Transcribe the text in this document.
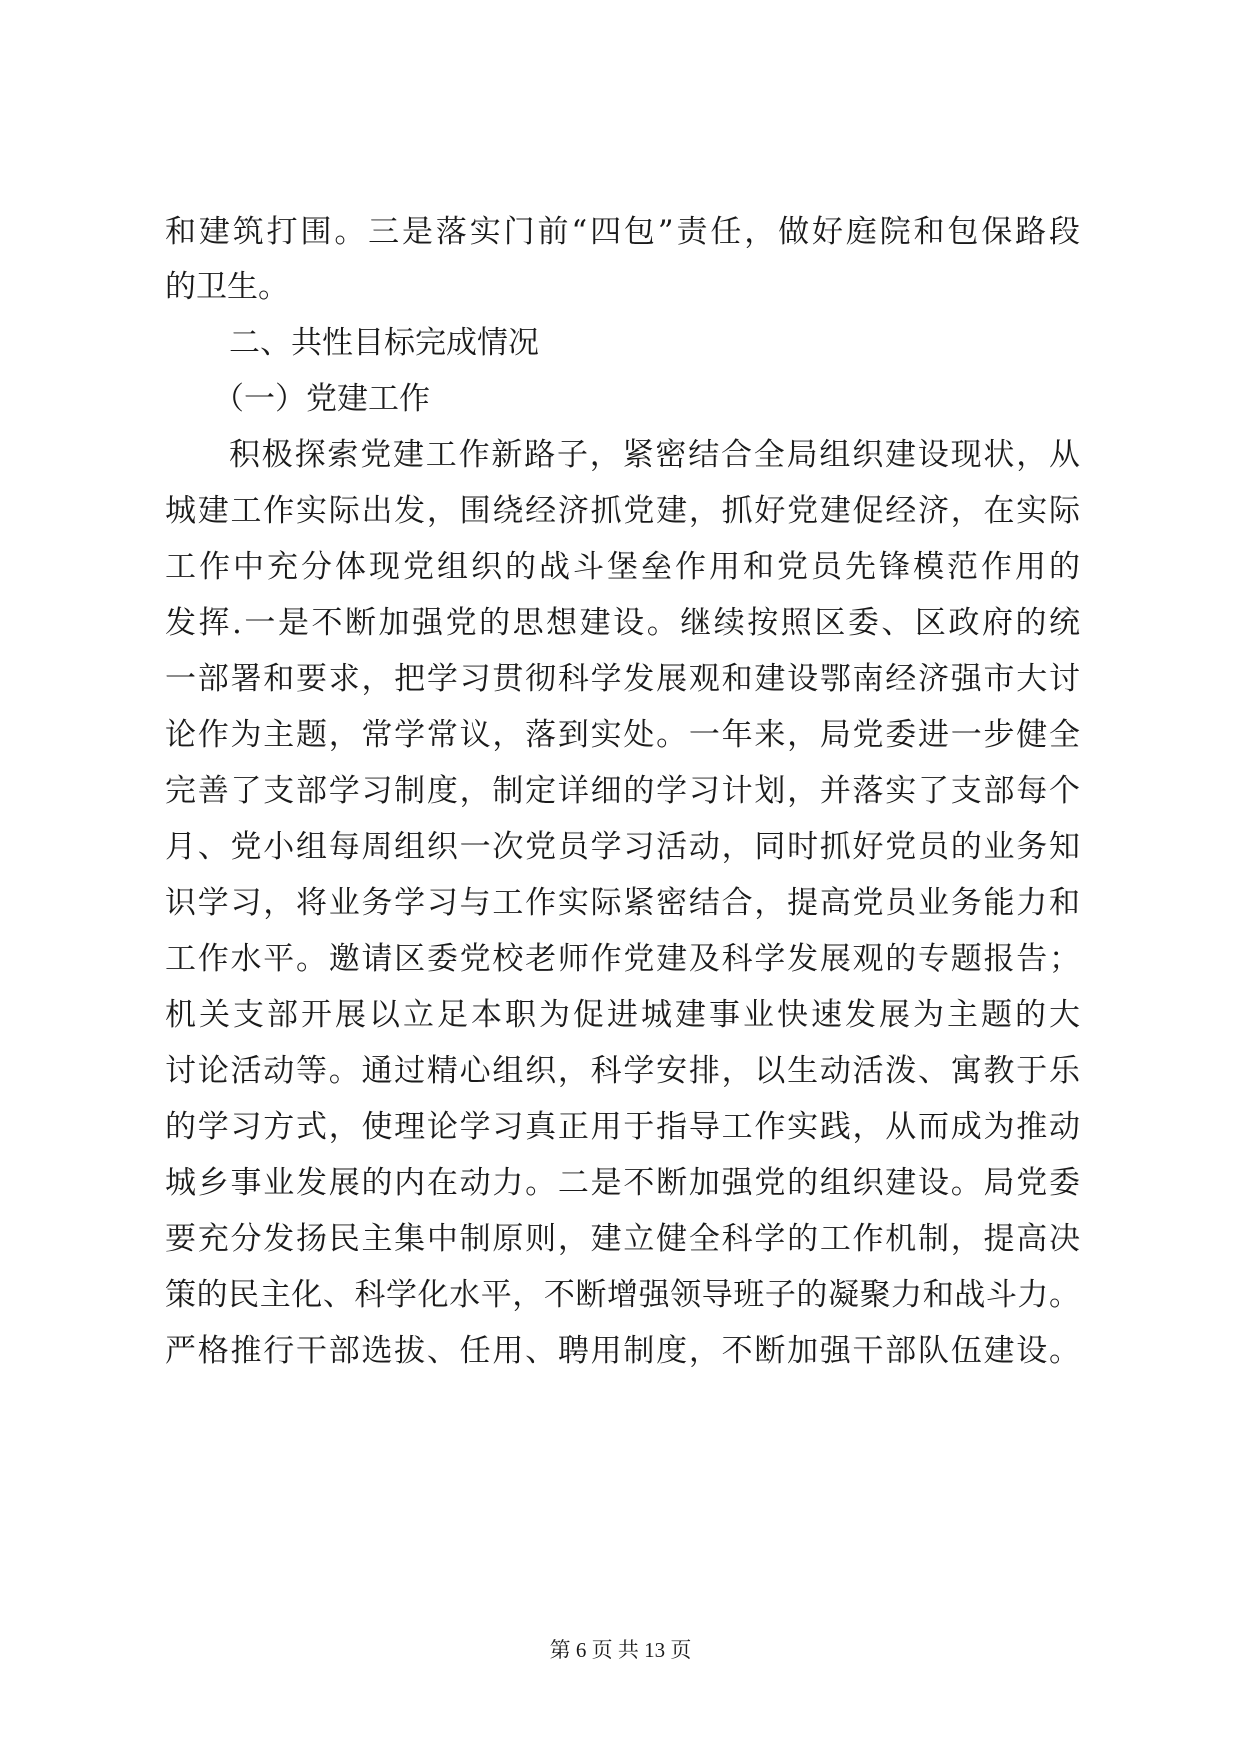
和建筑打围。三是落实门前“四包”责任，做好庭院和包保路段
的卫生。
二、共性目标完成情况
（一）党建工作
积极探索党建工作新路子，紧密结合全局组织建设现状，从
城建工作实际出发，围绕经济抓党建，抓好党建促经济，在实际
工作中充分体现党组织的战斗堡垒作用和党员先锋模范作用的
发挥.一是不断加强党的思想建设。继续按照区委、区政府的统
一部署和要求，把学习贯彻科学发展观和建设鄂南经济强市大讨
论作为主题，常学常议，落到实处。一年来，局党委进一步健全
完善了支部学习制度，制定详细的学习计划，并落实了支部每个
月、党小组每周组织一次党员学习活动，同时抓好党员的业务知
识学习，将业务学习与工作实际紧密结合，提高党员业务能力和
工作水平。邀请区委党校老师作党建及科学发展观的专题报告；
机关支部开展以立足本职为促进城建事业快速发展为主题的大
讨论活动等。通过精心组织，科学安排，以生动活泼、寓教于乐
的学习方式，使理论学习真正用于指导工作实践，从而成为推动
城乡事业发展的内在动力。二是不断加强党的组织建设。局党委
要充分发扬民主集中制原则，建立健全科学的工作机制，提高决
策的民主化、科学化水平，不断增强领导班子的凝聚力和战斗力。
严格推行干部选拔、任用、聘用制度，不断加强干部队伍建设。
第 6 页 共 13 页
